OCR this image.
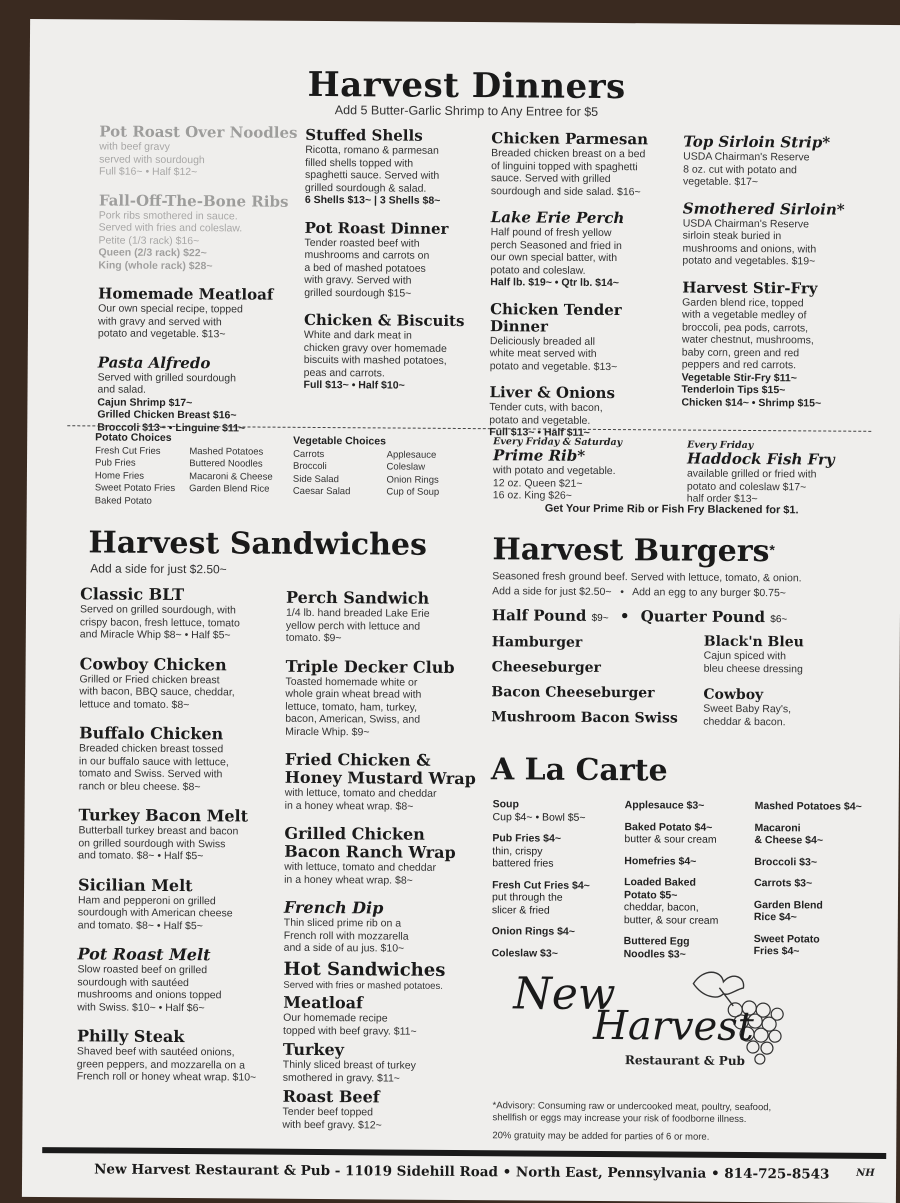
Harvest Dinners
Add 5 Butter-Garlic Shrimp to Any Entree for $5
Pot Roast Over Noodles
with beef gravy
served with sourdough
Full $16~ • Half $12~
Fall-Off-The-Bone Ribs
Pork ribs smothered in sauce.
Served with fries and coleslaw.
Petite (1/3 rack) $16~
Queen (2/3 rack) $22~
King (whole rack) $28~
Homemade Meatloaf
Our own special recipe, topped
with gravy and served with
potato and vegetable. $13~
Pasta Alfredo
Served with grilled sourdough
and salad.
Cajun Shrimp $17~
Grilled Chicken Breast $16~
Broccoli $13~ • Linguine $11~
Stuffed Shells
Ricotta, romano & parmesan
filled shells topped with
spaghetti sauce. Served with
grilled sourdough & salad.
6 Shells $13~ | 3 Shells $8~
Pot Roast Dinner
Tender roasted beef with
mushrooms and carrots on
a bed of mashed potatoes
with gravy. Served with
grilled sourdough $15~
Chicken & Biscuits
White and dark meat in
chicken gravy over homemade
biscuits with mashed potatoes,
peas and carrots.
Full $13~ • Half $10~
Chicken Parmesan
Breaded chicken breast on a bed
of linguini topped with spaghetti
sauce. Served with grilled
sourdough and side salad. $16~
Lake Erie Perch
Half pound of fresh yellow
perch Seasoned and fried in
our own special batter, with
potato and coleslaw.
Half lb. $19~ • Qtr lb. $14~
Chicken Tender Dinner
Deliciously breaded all
white meat served with
potato and vegetable. $13~
Liver & Onions
Tender cuts, with bacon,
potato and vegetable.
Full $13~ • Half $11~
Top Sirloin Strip*
USDA Chairman's Reserve
8 oz. cut with potato and
vegetable. $17~
Smothered Sirloin*
USDA Chairman's Reserve
sirloin steak buried in
mushrooms and onions, with
potato and vegetables. $19~
Harvest Stir-Fry
Garden blend rice, topped
with a vegetable medley of
broccoli, pea pods, carrots,
water chestnut, mushrooms,
baby corn, green and red
peppers and red carrots.
Vegetable Stir-Fry $11~
Tenderloin Tips $15~
Chicken $14~ • Shrimp $15~
Potato Choices
Fresh Cut Fries
Pub Fries
Home Fries
Sweet Potato Fries
Baked Potato
Mashed Potatoes
Buttered Noodles
Macaroni & Cheese
Garden Blend Rice
Vegetable Choices
Carrots
Broccoli
Side Salad
Caesar Salad
Applesauce
Coleslaw
Onion Rings
Cup of Soup
Every Friday & Saturday
Prime Rib*
with potato and vegetable.
12 oz. Queen $21~
16 oz. King $26~
Every Friday
Haddock Fish Fry
available grilled or fried with
potato and coleslaw $17~
half order $13~
Get Your Prime Rib or Fish Fry Blackened for $1.
Harvest Sandwiches
Add a side for just $2.50~
Classic BLT
Served on grilled sourdough, with
crispy bacon, fresh lettuce, tomato
and Miracle Whip $8~ • Half $5~
Cowboy Chicken
Grilled or Fried chicken breast
with bacon, BBQ sauce, cheddar,
lettuce and tomato. $8~
Buffalo Chicken
Breaded chicken breast tossed
in our buffalo sauce with lettuce,
tomato and Swiss. Served with
ranch or bleu cheese. $8~
Turkey Bacon Melt
Butterball turkey breast and bacon
on grilled sourdough with Swiss
and tomato. $8~ • Half $5~
Sicilian Melt
Ham and pepperoni on grilled
sourdough with American cheese
and tomato. $8~ • Half $5~
Pot Roast Melt
Slow roasted beef on grilled
sourdough with sautéed
mushrooms and onions topped
with Swiss. $10~ • Half $6~
Philly Steak
Shaved beef with sautéed onions,
green peppers, and mozzarella on a
French roll or honey wheat wrap. $10~
Perch Sandwich
1/4 lb. hand breaded Lake Erie
yellow perch with lettuce and
tomato. $9~
Triple Decker Club
Toasted homemade white or
whole grain wheat bread with
lettuce, tomato, ham, turkey,
bacon, American, Swiss, and
Miracle Whip. $9~
Fried Chicken &
Honey Mustard Wrap
with lettuce, tomato and cheddar
in a honey wheat wrap. $8~
Grilled Chicken
Bacon Ranch Wrap
with lettuce, tomato and cheddar
in a honey wheat wrap. $8~
French Dip
Thin sliced prime rib on a
French roll with mozzarella
and a side of au jus. $10~
Hot Sandwiches
Served with fries or mashed potatoes.
Meatloaf
Our homemade recipe
topped with beef gravy. $11~
Turkey
Thinly sliced breast of turkey
smothered in gravy. $11~
Roast Beef
Tender beef topped
with beef gravy. $12~
Harvest Burgers*
Seasoned fresh ground beef. Served with lettuce, tomato, & onion.
Add a side for just $2.50~   •   Add an egg to any burger $0.75~
Half Pound $9~ • Quarter Pound $6~
Hamburger
Cheeseburger
Bacon Cheeseburger
Mushroom Bacon Swiss
Black'n Bleu
Cajun spiced with
bleu cheese dressing
Cowboy
Sweet Baby Ray's,
cheddar & bacon.
A La Carte
Soup
Cup $4~ • Bowl $5~
Pub Fries $4~
thin, crispy
battered fries
Fresh Cut Fries $4~
put through the
slicer & fried
Onion Rings $4~
Coleslaw $3~
Applesauce $3~
Baked Potato $4~
butter & sour cream
Homefries $4~
Loaded Baked
Potato $5~
cheddar, bacon,
butter, & sour cream
Buttered Egg
Noodles $3~
Mashed Potatoes $4~
Macaroni
& Cheese $4~
Broccoli $3~
Carrots $3~
Garden Blend
Rice $4~
Sweet Potato
Fries $4~
New
Harvest
Restaurant & Pub
*Advisory: Consuming raw or undercooked meat, poultry, seafood,
shellfish or eggs may increase your risk of foodborne illness.
20% gratuity may be added for parties of 6 or more.
New Harvest Restaurant & Pub - 11019 Sidehill Road • North East, Pennsylvania • 814-725-8543	NH
